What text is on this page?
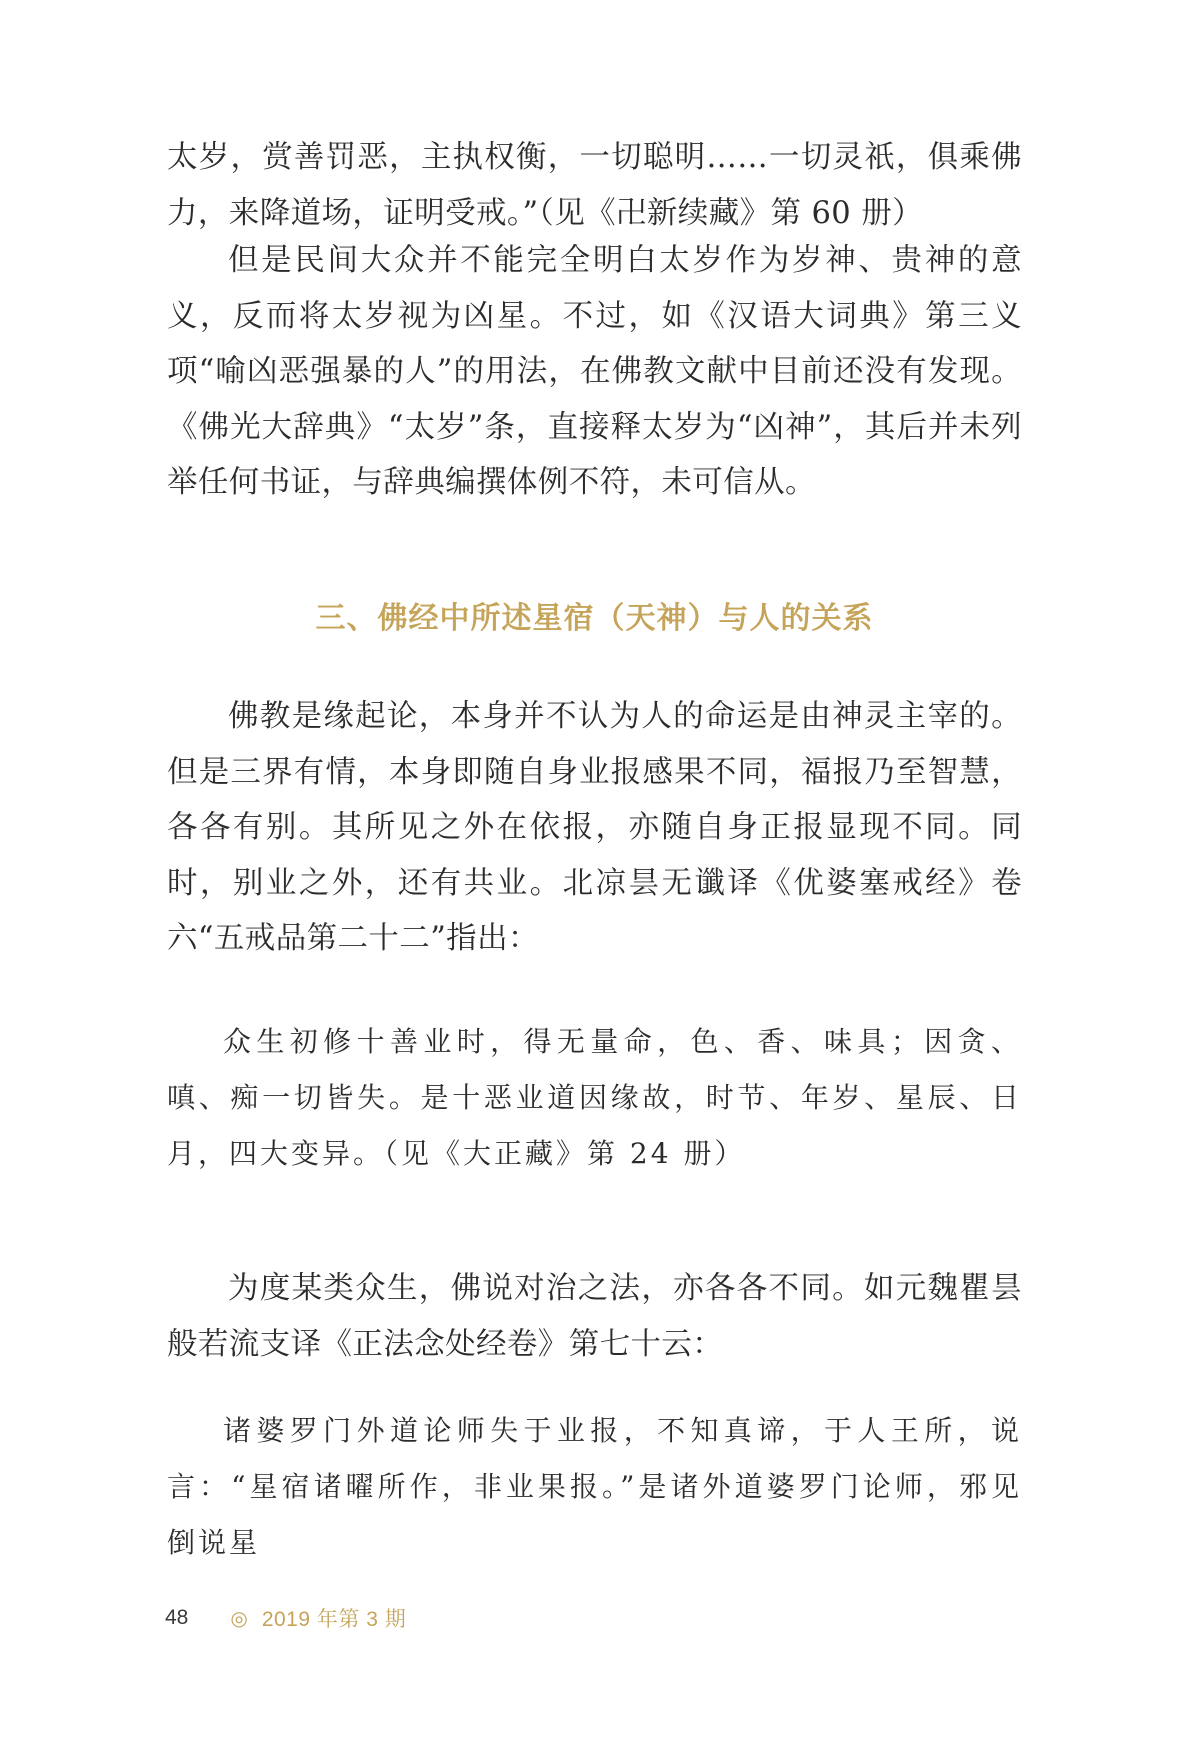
太岁，赏善罚恶，主执权衡，一切聪明……一切灵祇，俱乘佛力，来降道场，证明受戒。”（见《卍新续藏》第 60 册）

但是民间大众并不能完全明白太岁作为岁神、贵神的意义，反而将太岁视为凶星。不过，如《汉语大词典》第三义项“喻凶恶强暴的人”的用法，在佛教文献中目前还没有发现。《佛光大辞典》“太岁”条，直接释太岁为“凶神”，其后并未列举任何书证，与辞典编撰体例不符，未可信从。

三、佛经中所述星宿（天神）与人的关系

佛教是缘起论，本身并不认为人的命运是由神灵主宰的。但是三界有情，本身即随自身业报感果不同，福报乃至智慧，各各有别。其所见之外在依报，亦随自身正报显现不同。同时，别业之外，还有共业。北凉昙无谶译《优婆塞戒经》卷六“五戒品第二十二”指出：

众生初修十善业时，得无量命，色、香、味具；因贪、嗔、痴一切皆失。是十恶业道因缘故，时节、年岁、星辰、日月，四大变异。（见《大正藏》第 24 册）

为度某类众生，佛说对治之法，亦各各不同。如元魏瞿昙般若流支译《正法念处经卷》第七十云：

诸婆罗门外道论师失于业报，不知真谛，于人王所，说言：“星宿诸曜所作，非业果报。”是诸外道婆罗门论师，邪见倒说星

48 ◎ 2019 年第 3 期
